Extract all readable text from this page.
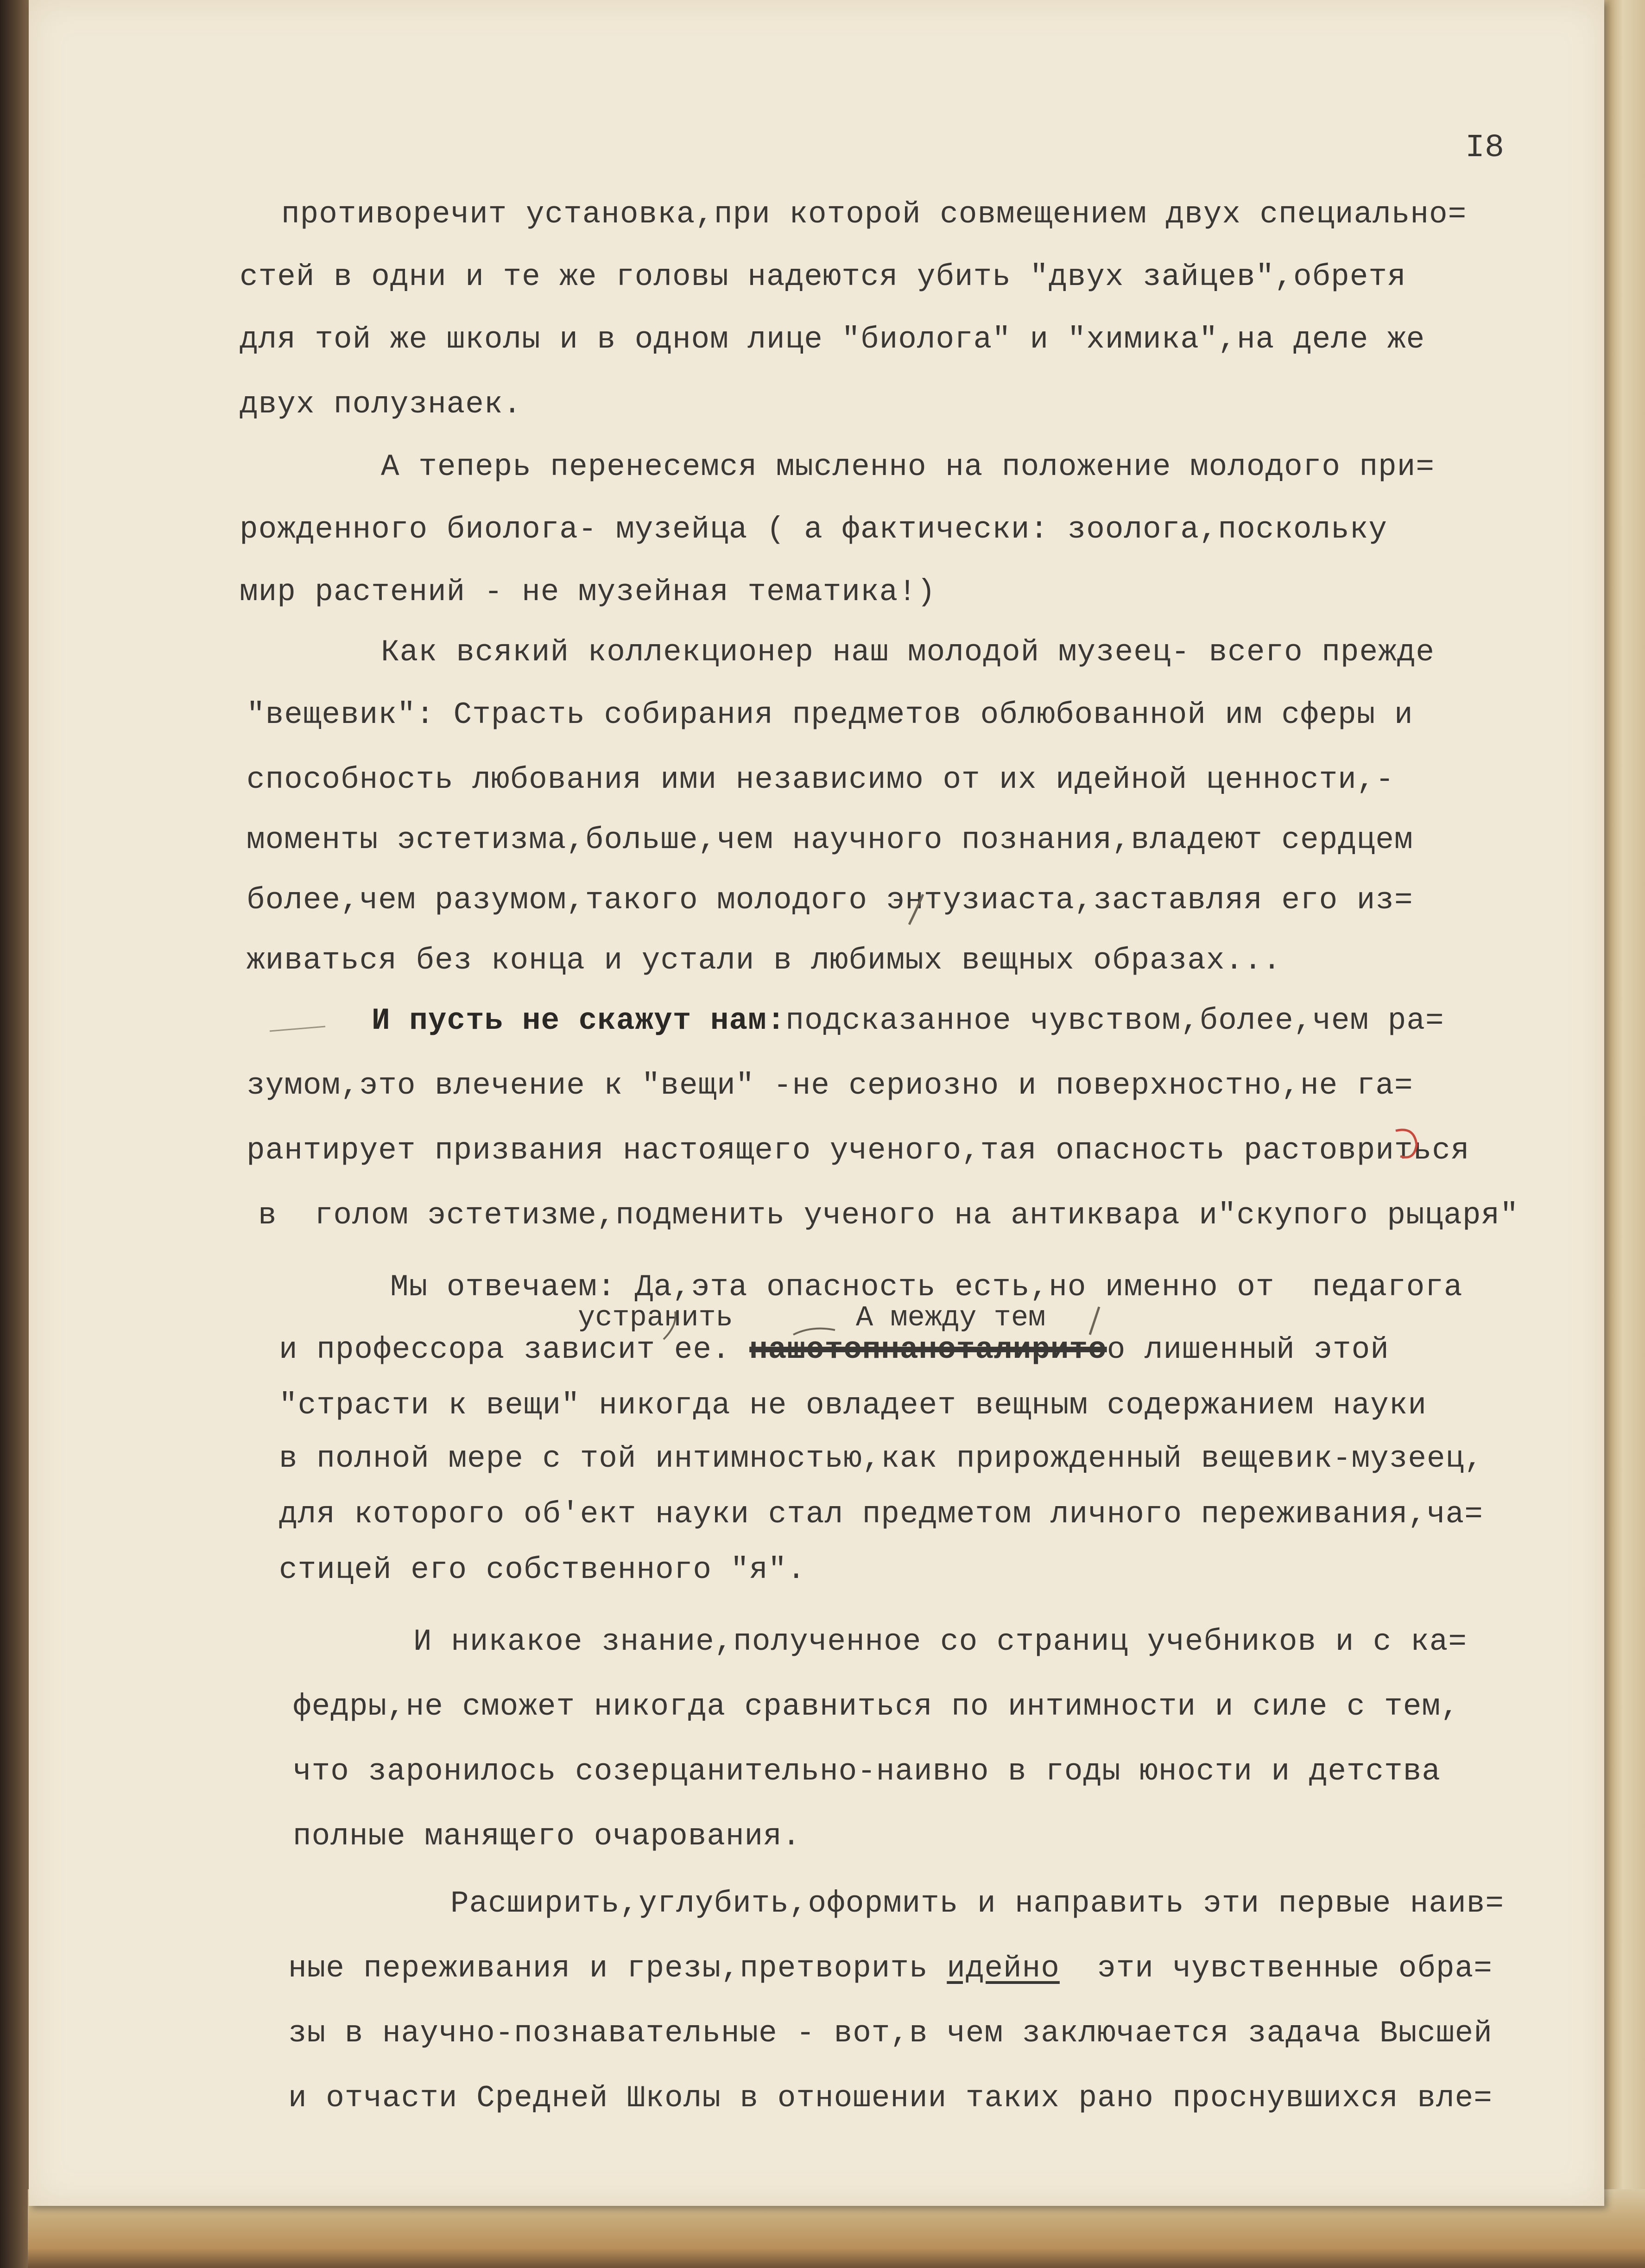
I8
противоречит установка,при которой совмещением двух специально=
стей в одни и те же головы надеются убить "двух зайцев",обретя
для той же школы и в одном лице "биолога" и "химика",на деле же
двух полузнаек.
А теперь перенесемся мысленно на положение молодого при=
рожденного биолога- музейца ( а фактически: зоолога,поскольку
мир растений - не музейная тематика!)
Как всякий коллекционер наш молодой музеец- всего прежде
"вещевик": Страсть собирания предметов облюбованной им сферы и
способность любования ими независимо от их идейной ценности,-
моменты эстетизма,больше,чем научного познания,владеют сердцем
более,чем разумом,такого молодого энтузиаста,заставляя его из=
живаться без конца и устали в любимых вещных образах...
И пусть не скажут нам:подсказанное чувством,более,чем ра=
зумом,это влечение к "вещи" -не сериозно и поверхностно,не га=
рантирует призвания настоящего ученого,тая опасность растовриться
в  голом эстетизме,подменить ученого на антиквара и"скупого рыцаря"
Мы отвечаем: Да,эта опасность есть,но именно от  педагога
устранить	А между тем
и профессора зависит ее. нашстопнаноталиритоо лишенный этой
"страсти к вещи" никогда не овладеет вещным содержанием науки
в полной мере с той интимностью,как прирожденный вещевик-музеец,
для которого об'ект науки стал предметом личного переживания,ча=
стицей его собственного "я".
И никакое знание,полученное со страниц учебников и с ка=
федры,не сможет никогда сравниться по интимности и силе с тем,
что заронилось созерцанительно-наивно в годы юности и детства
полные манящего очарования.
Расширить,углубить,оформить и направить эти первые наив=
ные переживания и грезы,претворить идейно  эти чувственные обра=
зы в научно-познавательные - вот,в чем заключается задача Высшей
и отчасти Средней Школы в отношении таких рано проснувшихся вле=
